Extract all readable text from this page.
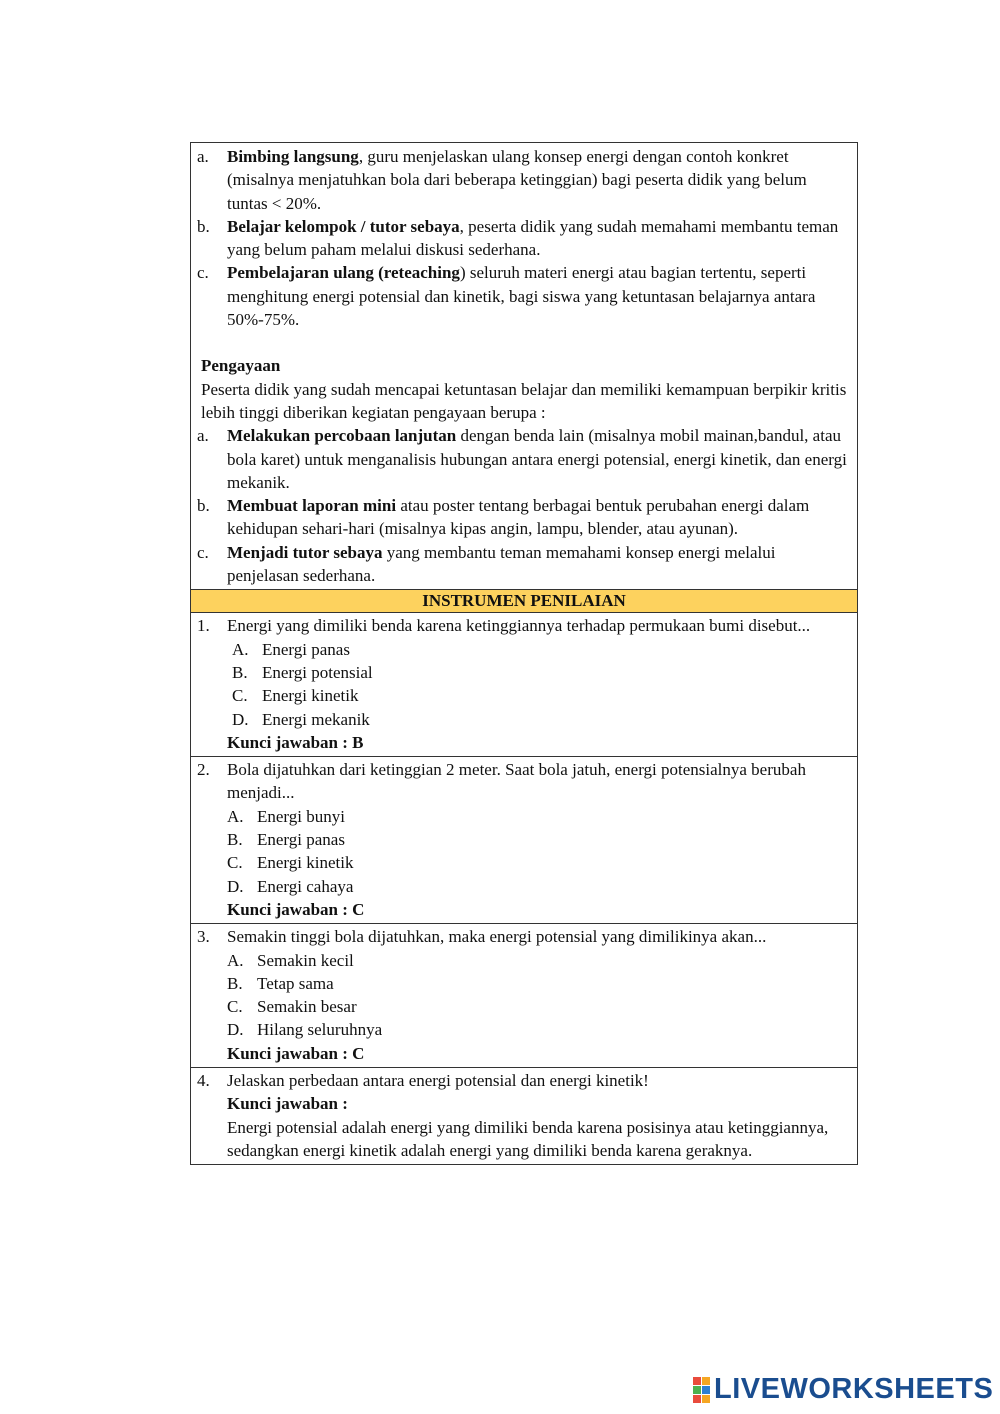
a.	Bimbing langsung, guru menjelaskan ulang konsep energi dengan contoh konkret (misalnya menjatuhkan bola dari beberapa ketinggian) bagi peserta didik yang belum tuntas < 20%.
b.	Belajar kelompok / tutor sebaya, peserta didik yang sudah memahami membantu teman yang belum paham melalui diskusi sederhana.
c.	Pembelajaran ulang (reteaching) seluruh materi energi atau bagian tertentu, seperti menghitung energi potensial dan kinetik, bagi siswa yang ketuntasan belajarnya antara 50%-75%.
Pengayaan
Peserta didik yang sudah mencapai ketuntasan belajar dan memiliki kemampuan berpikir kritis lebih tinggi diberikan kegiatan pengayaan berupa :
a.	Melakukan percobaan lanjutan dengan benda lain (misalnya mobil mainan,bandul, atau bola karet) untuk menganalisis hubungan antara energi potensial, energi kinetik, dan energi mekanik.
b.	Membuat laporan mini atau poster tentang berbagai bentuk perubahan energi dalam kehidupan sehari-hari (misalnya kipas angin, lampu, blender, atau ayunan).
c.	Menjadi tutor sebaya yang membantu teman memahami konsep energi melalui penjelasan sederhana.
INSTRUMEN PENILAIAN
1.	Energi yang dimiliki benda karena ketinggiannya terhadap permukaan bumi disebut...
A. Energi panas
B. Energi potensial
C. Energi kinetik
D. Energi mekanik
Kunci jawaban : B
2.	Bola dijatuhkan dari ketinggian 2 meter. Saat bola jatuh, energi potensialnya berubah menjadi...
A. Energi bunyi
B. Energi panas
C. Energi kinetik
D. Energi cahaya
Kunci jawaban : C
3.	Semakin tinggi bola dijatuhkan, maka energi potensial yang dimilikinya akan...
A. Semakin kecil
B. Tetap sama
C. Semakin besar
D. Hilang seluruhnya
Kunci jawaban : C
4.	Jelaskan perbedaan antara energi potensial dan energi kinetik!
Kunci jawaban :
Energi potensial adalah energi yang dimiliki benda karena posisinya atau ketinggiannya, sedangkan energi kinetik adalah energi yang dimiliki benda karena geraknya.
LIVEWORKSHEETS
